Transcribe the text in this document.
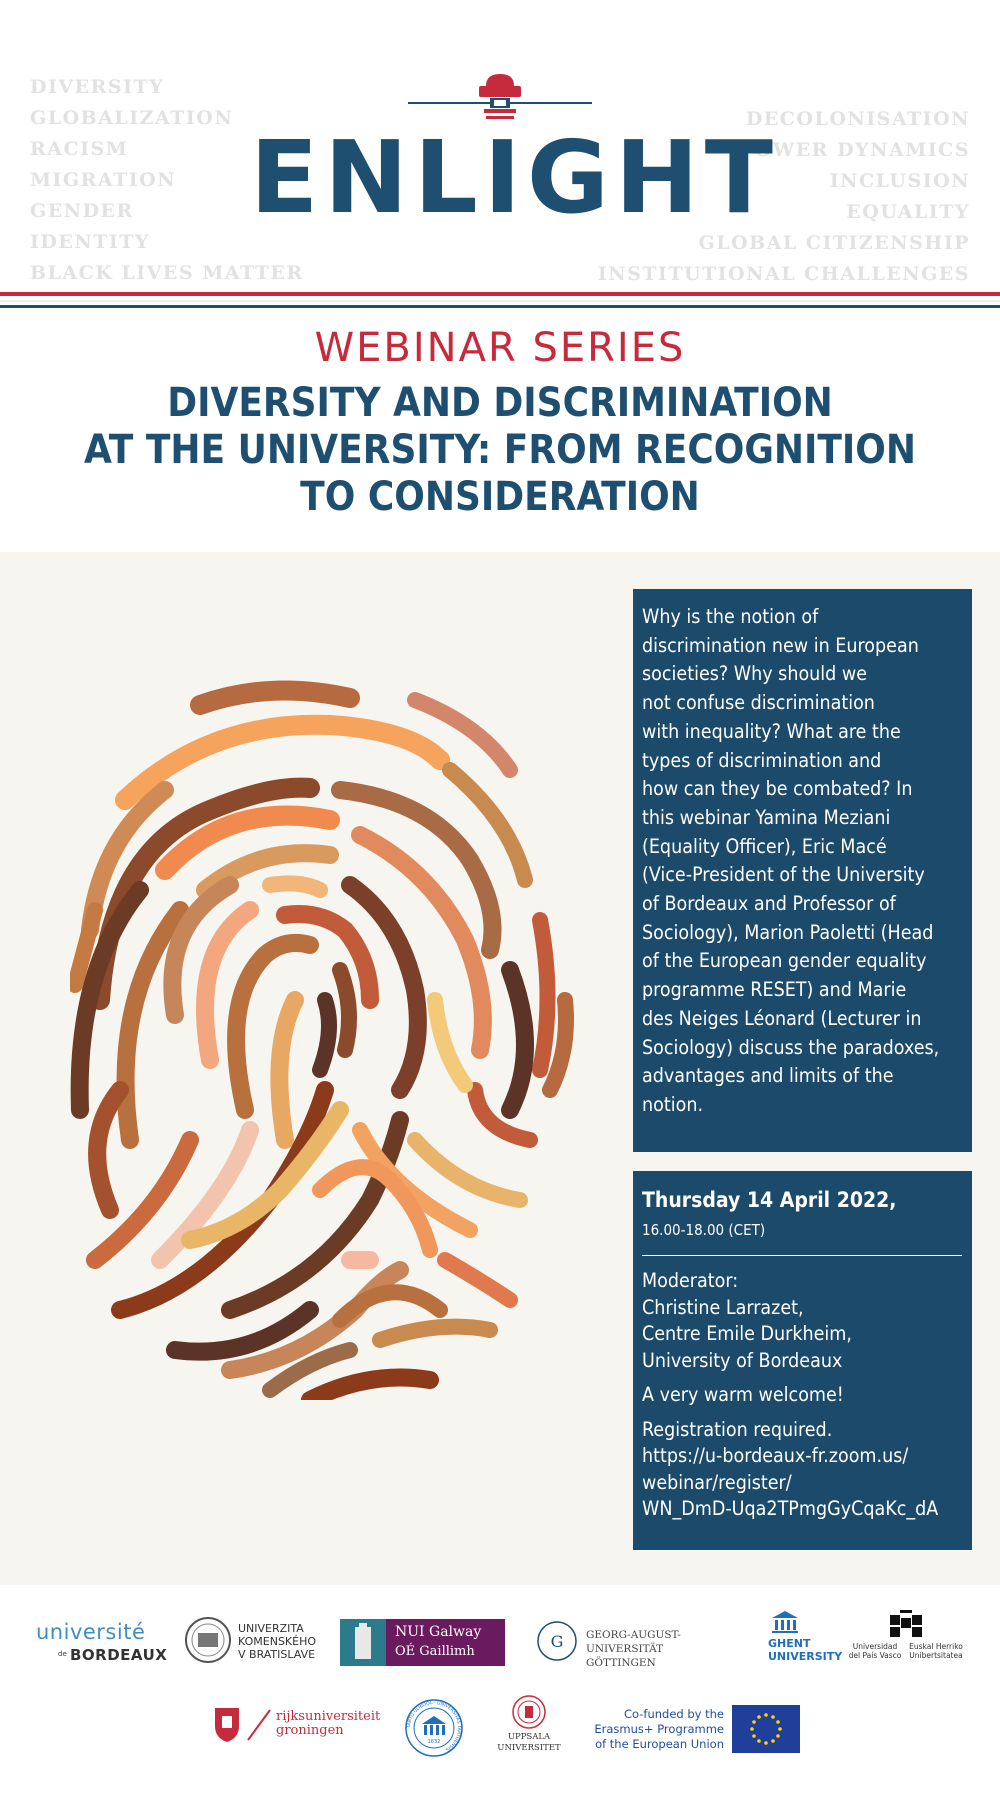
DIVERSITY
GLOBALIZATION
RACISM
MIGRATION
GENDER
IDENTITY
BLACK LIVES MATTER
DECOLONISATION
POWER DYNAMICS
INCLUSION
EQUALITY
GLOBAL CITIZENSHIP
INSTITUTIONAL CHALLENGES
ENLIGHT
WEBINAR SERIES
DIVERSITY AND DISCRIMINATION
AT THE UNIVERSITY: FROM RECOGNITION
TO CONSIDERATION
Why is the notion of
discrimination new in European
societies? Why should we
not confuse discrimination
with inequality? What are the
types of discrimination and
how can they be combated? In
this webinar Yamina Meziani
(Equality Officer), Eric Macé
(Vice-President of the University
of Bordeaux and Professor of
Sociology), Marion Paoletti (Head
of the European gender equality
programme RESET) and Marie
des Neiges Léonard (Lecturer in
Sociology) discuss the paradoxes,
advantages and limits of the
notion.
Thursday 14 April 2022,
16.00-18.00 (CET)
Moderator:
Christine Larrazet,
Centre Emile Durkheim,
University of Bordeaux
A very warm welcome!
Registration required.
https://u-bordeaux-fr.zoom.us/
webinar/register/
WN_DmD-Uqa2TPmgGyCqaKc_dA
université
de BORDEAUX
UNIVERZITA
KOMENSKÉHO
V BRATISLAVE
NUI Galway
OÉ Gaillimh
G GEORG-AUGUST-UNIVERSITÄT
GÖTTINGEN
GHENT
UNIVERSITY
Universidad
del País Vasco
Euskal Herriko
Unibertsitatea
rijksuniversiteit
groningen	TARTU ÜLIKOOL · UNIVERSITAS TARTUENSIS
1632	UPPSALA
UNIVERSITET
Co-funded by the
Erasmus+ Programme
of the European Union
